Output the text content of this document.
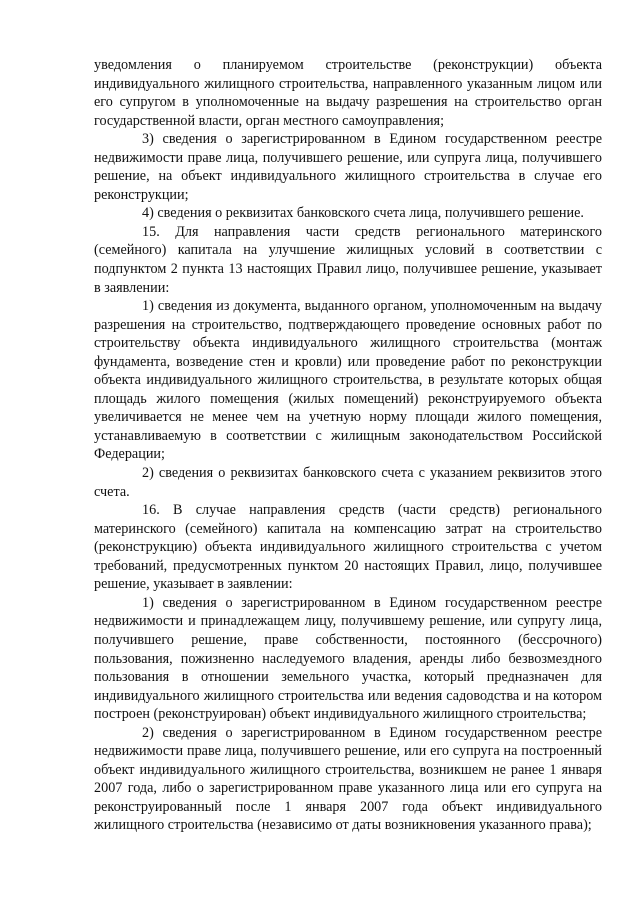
уведомления о планируемом строительстве (реконструкции) объекта индивидуального жилищного строительства, направленного указанным лицом или его супругом в уполномоченные на выдачу разрешения на строительство орган государственной власти, орган местного самоуправления;

3) сведения о зарегистрированном в Едином государственном реестре недвижимости праве лица, получившего решение, или супруга лица, получившего решение, на объект индивидуального жилищного строительства в случае его реконструкции;

4) сведения о реквизитах банковского счета лица, получившего решение.

15. Для направления части средств регионального материнского (семейного) капитала на улучшение жилищных условий в соответствии с подпунктом 2 пункта 13 настоящих Правил лицо, получившее решение, указывает в заявлении:

1) сведения из документа, выданного органом, уполномоченным на выдачу разрешения на строительство, подтверждающего проведение основных работ по строительству объекта индивидуального жилищного строительства (монтаж фундамента, возведение стен и кровли) или проведение работ по реконструкции объекта индивидуального жилищного строительства, в результате которых общая площадь жилого помещения (жилых помещений) реконструируемого объекта увеличивается не менее чем на учетную норму площади жилого помещения, устанавливаемую в соответствии с жилищным законодательством Российской Федерации;

2) сведения о реквизитах банковского счета с указанием реквизитов этого счета.

16. В случае направления средств (части средств) регионального материнского (семейного) капитала на компенсацию затрат на строительство (реконструкцию) объекта индивидуального жилищного строительства с учетом требований, предусмотренных пунктом 20 настоящих Правил, лицо, получившее решение, указывает в заявлении:

1) сведения о зарегистрированном в Едином государственном реестре недвижимости и принадлежащем лицу, получившему решение, или супругу лица, получившего решение, праве собственности, постоянного (бессрочного) пользования, пожизненно наследуемого владения, аренды либо безвозмездного пользования в отношении земельного участка, который предназначен для индивидуального жилищного строительства или ведения садоводства и на котором построен (реконструирован) объект индивидуального жилищного строительства;

2) сведения о зарегистрированном в Едином государственном реестре недвижимости праве лица, получившего решение, или его супруга на построенный объект индивидуального жилищного строительства, возникшем не ранее 1 января 2007 года, либо о зарегистрированном праве указанного лица или его супруга на реконструированный после 1 января 2007 года объект индивидуального жилищного строительства (независимо от даты возникновения указанного права);
